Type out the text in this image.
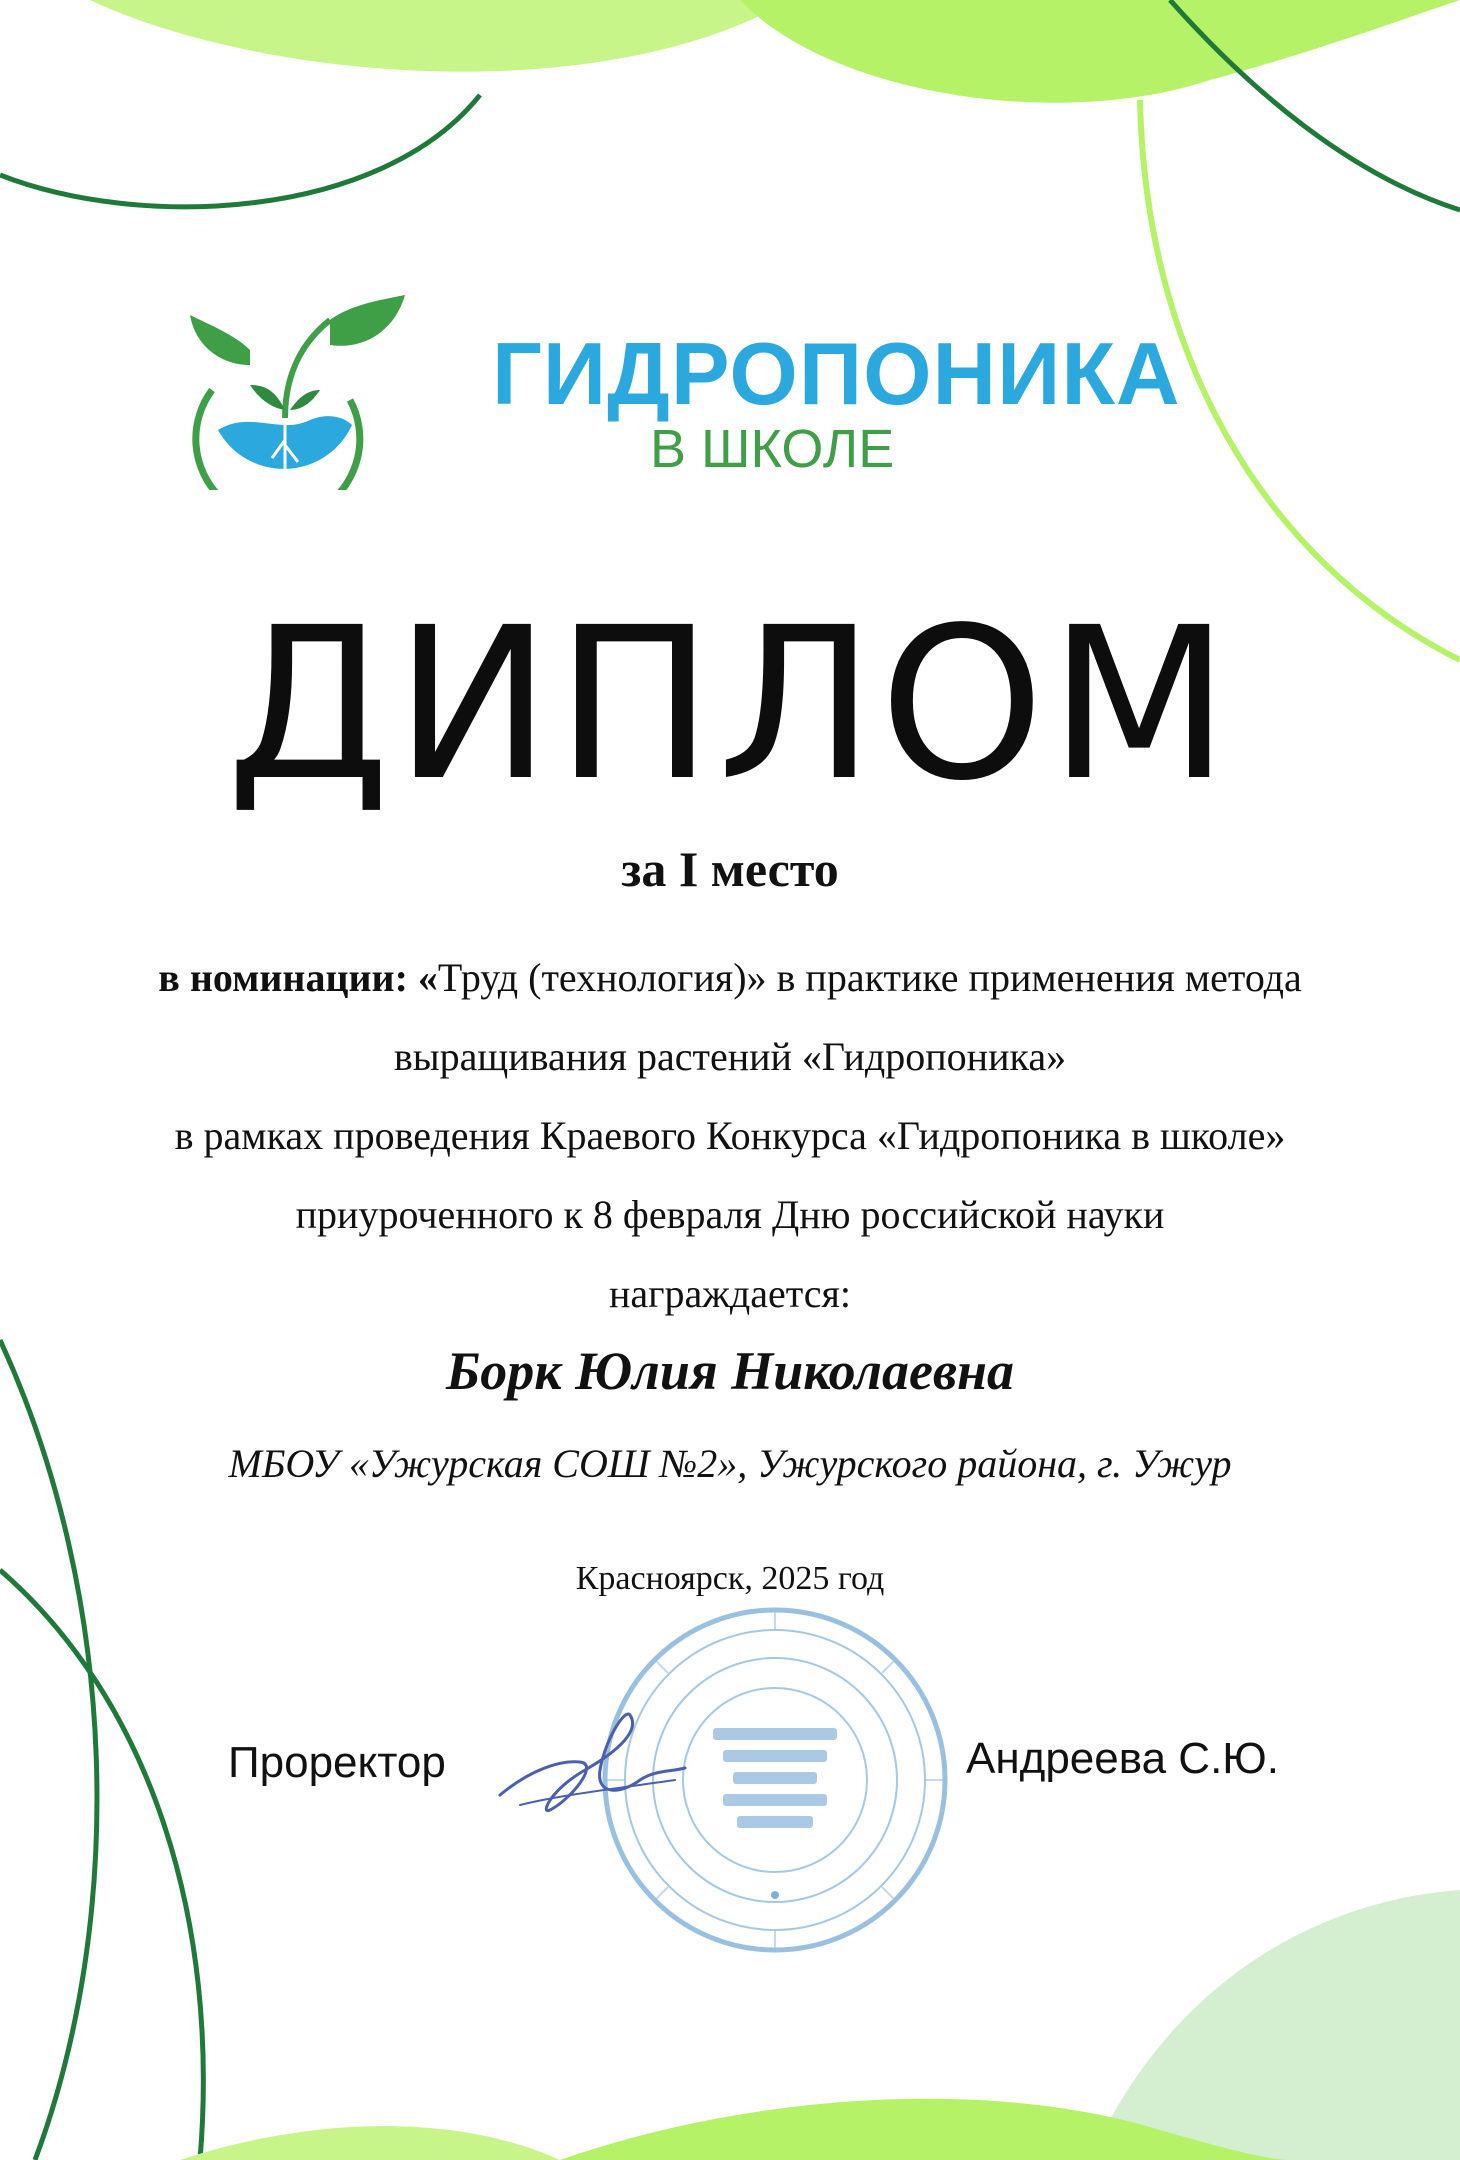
ГИДРОПОНИКА
В ШКОЛЕ
ДИПЛОМ
за I место

в номинации: «Труд (технология)» в практике применения метода

выращивания растений «Гидропоника»

в рамках проведения Краевого Конкурса «Гидропоника в школе»

приуроченного к 8 февраля Дню российской науки

награждается:

Борк Юлия Николаевна
МБОУ «Ужурская СОШ №2», Ужурского района, г. Ужур
Красноярск, 2025 год
Проректор	Андреева С.Ю.
